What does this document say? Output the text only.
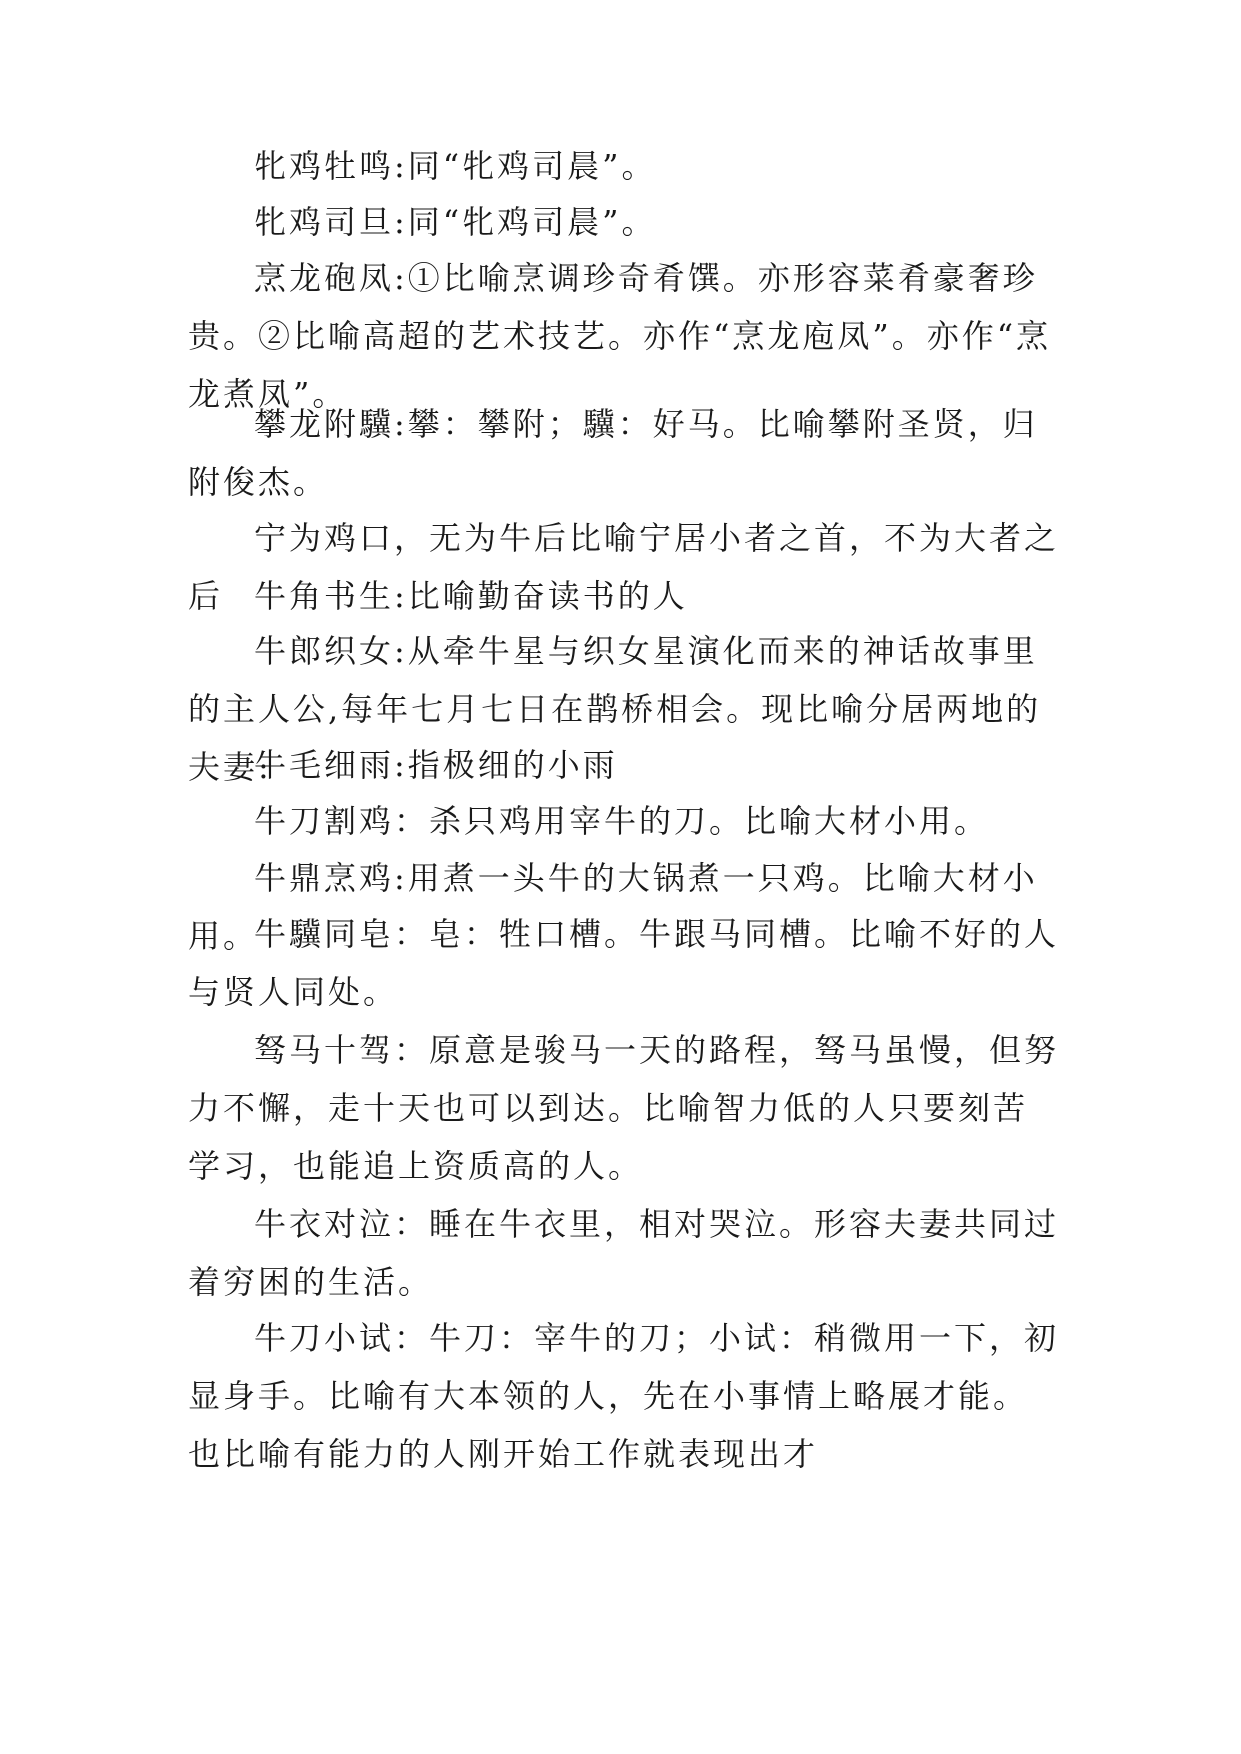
牝鸡牡鸣:同“牝鸡司晨”。

牝鸡司旦:同“牝鸡司晨”。

烹龙砲凤:①比喻烹调珍奇肴馔。亦形容菜肴豪奢珍贵。②比喻高超的艺术技艺。亦作“烹龙庖凤”。亦作“烹龙煮凤”。

攀龙附驥:攀：攀附；驥：好马。比喻攀附圣贤，归附俊杰。

宁为鸡口，无为牛后比喻宁居小者之首，不为大者之后 牛角书生:比喻勤奋读书的人

牛郎织女:从牵牛星与织女星演化而来的神话故事里的主人公,每年七月七日在鹊桥相会。现比喻分居两地的夫妻:

牛毛细雨:指极细的小雨

牛刀割鸡：杀只鸡用宰牛的刀。比喻大材小用。

牛鼎烹鸡:用煮一头牛的大锅煮一只鸡。比喻大材小用。

牛驥同皂：皂：牲口槽。牛跟马同槽。比喻不好的人与贤人同处。

驽马十驾：原意是骏马一天的路程，驽马虽慢，但努力不懈，走十天也可以到达。比喻智力低的人只要刻苦学习，也能追上资质高的人。

牛衣对泣：睡在牛衣里，相对哭泣。形容夫妻共同过着穷困的生活。

牛刀小试：牛刀：宰牛的刀；小试：稍微用一下，初显身手。比喻有大本领的人，先在小事情上略展才能。也比喻有能力的人刚开始工作就表现出才
